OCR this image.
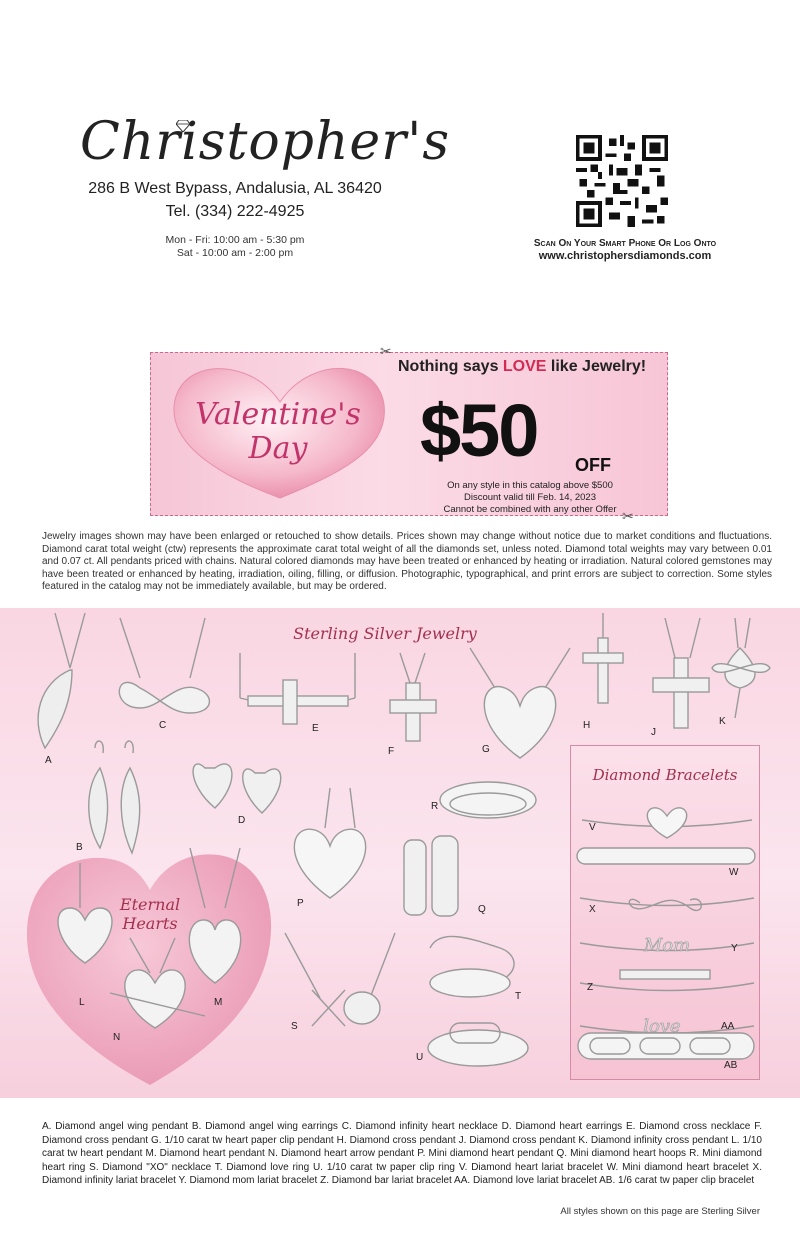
Christopher's
286 B West Bypass, Andalusia, AL 36420
Tel. (334) 222-4925
Mon - Fri: 10:00 am - 5:30 pm
Sat - 10:00 am - 2:00 pm
Scan On Your Smart Phone Or Log Onto
www.christophersdiamonds.com
✂
✂
Valentine's
Day
Nothing says LOVE like Jewelry!
$50 OFF
On any style in this catalog above $500
Discount valid till Feb. 14, 2023
Cannot be combined with any other Offer
Jewelry images shown may have been enlarged or retouched to show details. Prices shown may change without notice due to market conditions and fluctuations. Diamond carat total weight (ctw) represents the approximate carat total weight of all the diamonds set, unless noted. Diamond total weights may vary between 0.01 and 0.07 ct. All pendants priced with chains. Natural colored diamonds may have been treated or enhanced by heating or irradiation. Natural colored gemstones may have been treated or enhanced by heating, irradiation, oiling, filling, or diffusion. Photographic, typographical, and print errors are subject to correction. Some styles featured in the catalog may not be immediately available, but may be ordered.
Sterling Silver Jewelry
Eternal
Hearts
Diamond Bracelets
Mom
love
A
B
C
D
E
F	G
H
J
K
L	M
N
P
Q
R
S
T
U
V
W
X
Y
Z
AA
AB
A. Diamond angel wing pendant B. Diamond angel wing earrings C. Diamond infinity heart necklace D. Diamond heart earrings E. Diamond cross necklace F. Diamond cross pendant G. 1/10 carat tw heart paper clip pendant H. Diamond cross pendant J. Diamond cross pendant K. Diamond infinity cross pendant L. 1/10 carat tw heart pendant M. Diamond heart pendant N. Diamond heart arrow pendant P. Mini diamond heart pendant Q. Mini diamond heart hoops R. Mini diamond heart ring S. Diamond "XO" necklace T. Diamond love ring U. 1/10 carat tw paper clip ring V. Diamond heart lariat bracelet W. Mini diamond heart bracelet X. Diamond infinity lariat bracelet Y. Diamond mom lariat bracelet Z. Diamond bar lariat bracelet AA. Diamond love lariat bracelet AB. 1/6 carat tw paper clip bracelet
All styles shown on this page are Sterling Silver
